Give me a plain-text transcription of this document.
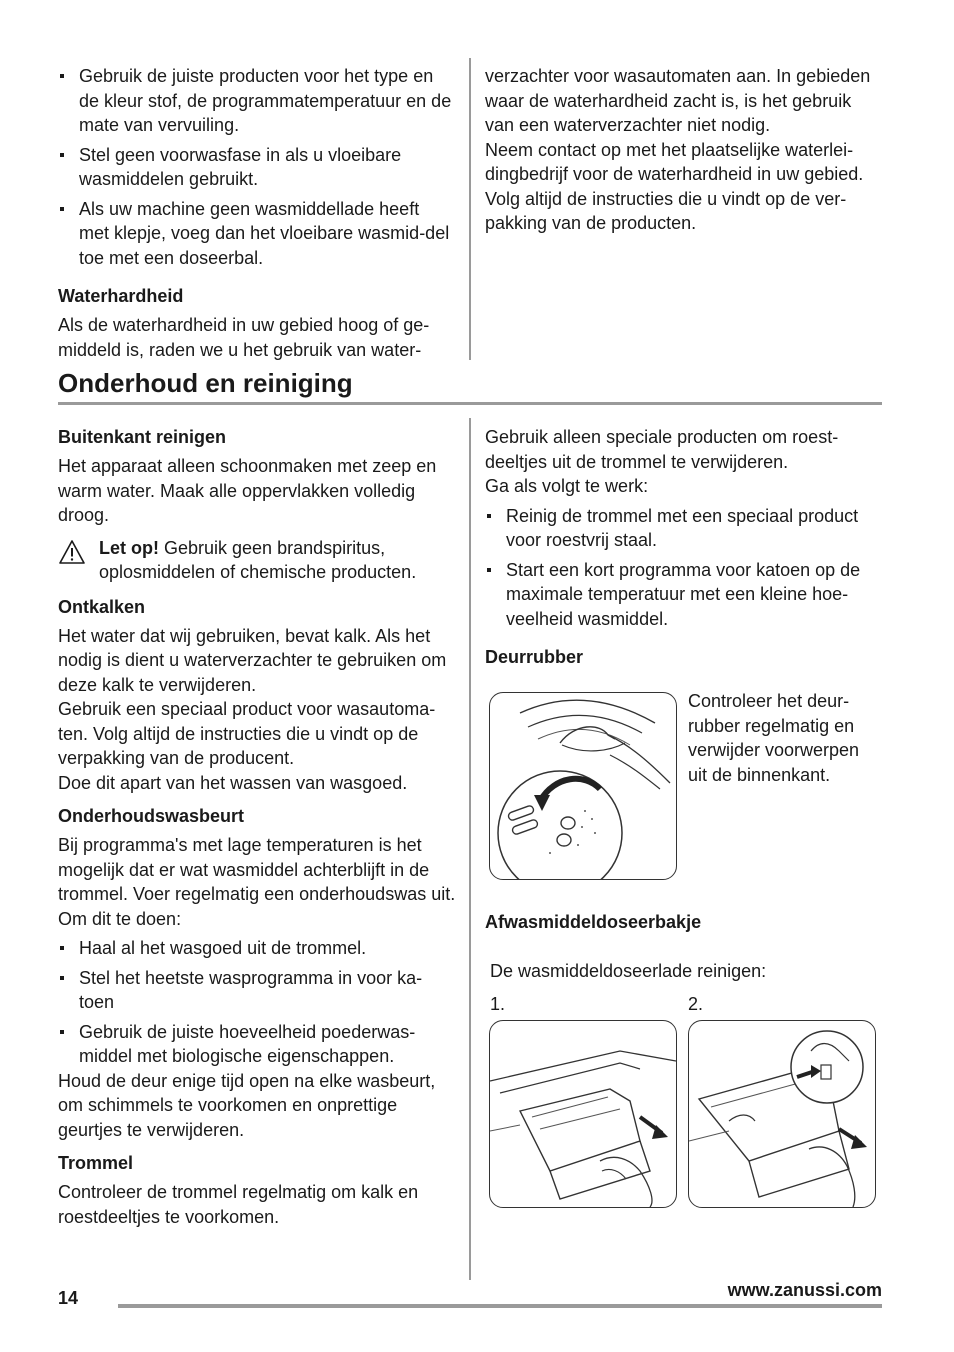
Gebruik de juiste producten voor het type en de kleur stof, de programmatemperatuur en de mate van vervuiling.
Stel geen voorwasfase in als u vloeibare wasmiddelen gebruikt.
Als uw machine geen wasmiddellade heeft met klepje, voeg dan het vloeibare wasmid-del toe met een doseerbal.
Waterhardheid

Als de waterhardheid in uw gebied hoog of ge-middeld is, raden we u het gebruik van water-

verzachter voor wasautomaten aan. In gebieden waar de waterhardheid zacht is, is het gebruik van een waterverzachter niet nodig.

Neem contact op met het plaatselijke waterlei-dingbedrijf voor de waterhardheid in uw gebied.

Volg altijd de instructies die u vindt op de ver-pakking van de producten.

Onderhoud en reiniging
Buitenkant reinigen

Het apparaat alleen schoonmaken met zeep en warm water. Maak alle oppervlakken volledig droog.

Let op! Gebruik geen brandspiritus, oplosmiddelen of chemische producten.

Ontkalken

Het water dat wij gebruiken, bevat kalk. Als het nodig is dient u waterverzachter te gebruiken om deze kalk te verwijderen.

Gebruik een speciaal product voor wasautoma-ten. Volg altijd de instructies die u vindt op de verpakking van de producent.

Doe dit apart van het wassen van wasgoed.

Onderhoudswasbeurt

Bij programma's met lage temperaturen is het mogelijk dat er wat wasmiddel achterblijft in de trommel. Voer regelmatig een onderhoudswas uit. Om dit te doen:

Haal al het wasgoed uit de trommel.
Stel het heetste wasprogramma in voor ka-toen
Gebruik de juiste hoeveelheid poederwas-middel met biologische eigenschappen.

Houd de deur enige tijd open na elke wasbeurt, om schimmels te voorkomen en onprettige geurtjes te verwijderen.

Trommel

Controleer de trommel regelmatig om kalk en roestdeeltjes te voorkomen.

Gebruik alleen speciale producten om roest-deeltjes uit de trommel te verwijderen.

Ga als volgt te werk:

Reinig de trommel met een speciaal product voor roestvrij staal.
Start een kort programma voor katoen op de maximale temperatuur met een kleine hoe-veelheid wasmiddel.
Deurrubber

Controleer het deur-rubber regelmatig en verwijder voorwerpen uit de binnenkant.

Afwasmiddeldoseerbakje

De wasmiddeldoseerlade reinigen:

1.	2.

14	www.zanussi.com
